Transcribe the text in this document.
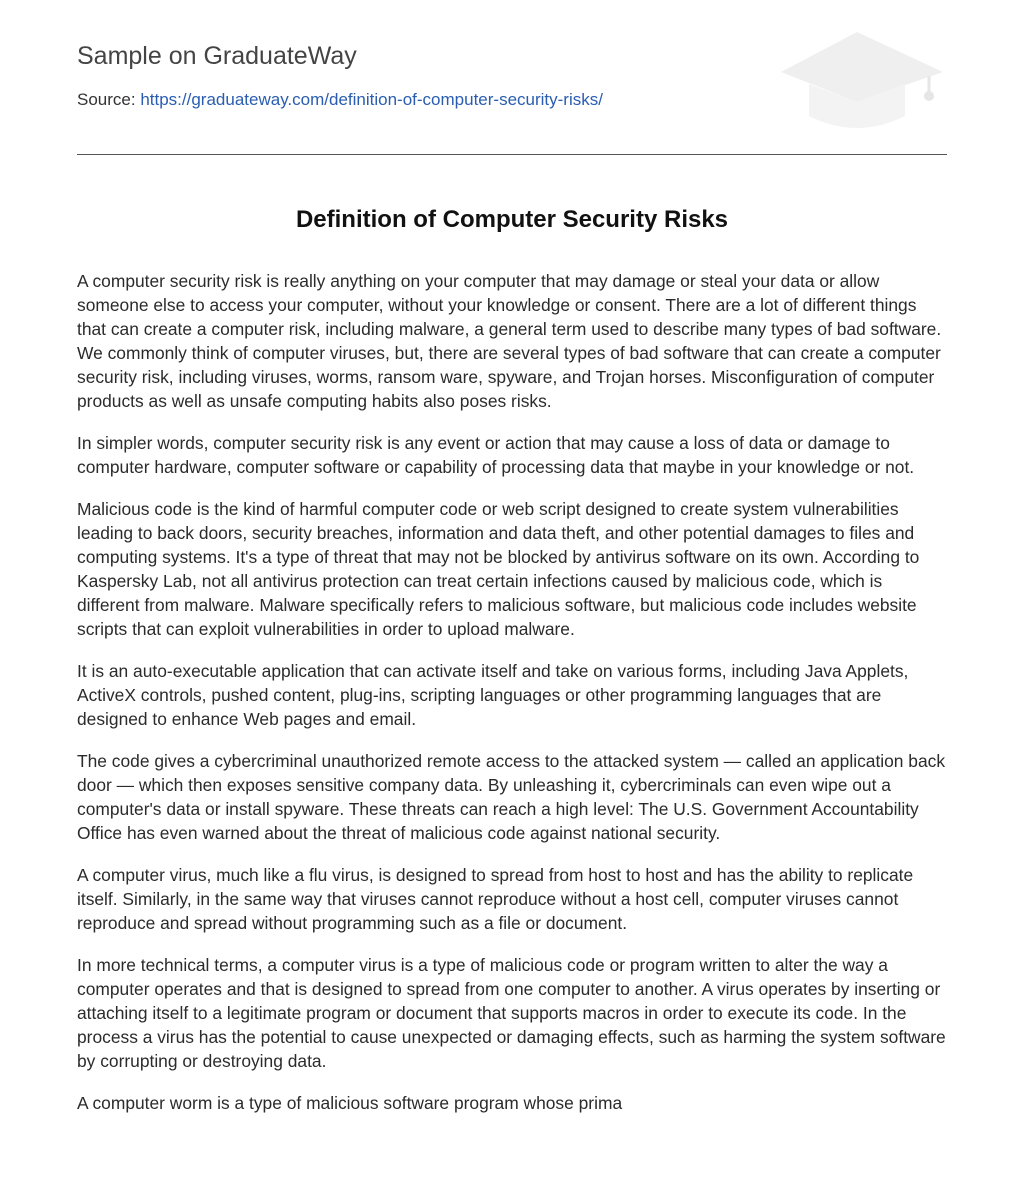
Sample on GraduateWay
Source: https://graduateway.com/definition-of-computer-security-risks/
Definition of Computer Security Risks

A computer security risk is really anything on your computer that may damage or steal your data or allow someone else to access your computer, without your knowledge or consent. There are a lot of different things that can create a computer risk, including malware, a general term used to describe many types of bad software. We commonly think of computer viruses, but, there are several types of bad software that can create a computer security risk, including viruses, worms, ransom ware, spyware, and Trojan horses. Misconfiguration of computer products as well as unsafe computing habits also poses risks.

In simpler words, computer security risk is any event or action that may cause a loss of data or damage to computer hardware, computer software or capability of processing data that maybe in your knowledge or not.

Malicious code is the kind of harmful computer code or web script designed to create system vulnerabilities leading to back doors, security breaches, information and data theft, and other potential damages to files and computing systems. It's a type of threat that may not be blocked by antivirus software on its own. According to Kaspersky Lab, not all antivirus protection can treat certain infections caused by malicious code, which is different from malware. Malware specifically refers to malicious software, but malicious code includes website scripts that can exploit vulnerabilities in order to upload malware.

It is an auto-executable application that can activate itself and take on various forms, including Java Applets, ActiveX controls, pushed content, plug-ins, scripting languages or other programming languages that are designed to enhance Web pages and email.

The code gives a cybercriminal unauthorized remote access to the attacked system — called an application back door — which then exposes sensitive company data. By unleashing it, cybercriminals can even wipe out a computer's data or install spyware. These threats can reach a high level: The U.S. Government Accountability Office has even warned about the threat of malicious code against national security.

A computer virus, much like a flu virus, is designed to spread from host to host and has the ability to replicate itself. Similarly, in the same way that viruses cannot reproduce without a host cell, computer viruses cannot reproduce and spread without programming such as a file or document.

In more technical terms, a computer virus is a type of malicious code or program written to alter the way a computer operates and that is designed to spread from one computer to another. A virus operates by inserting or attaching itself to a legitimate program or document that supports macros in order to execute its code. In the process a virus has the potential to cause unexpected or damaging effects, such as harming the system software by corrupting or destroying data.

A computer worm is a type of malicious software program whose prima
